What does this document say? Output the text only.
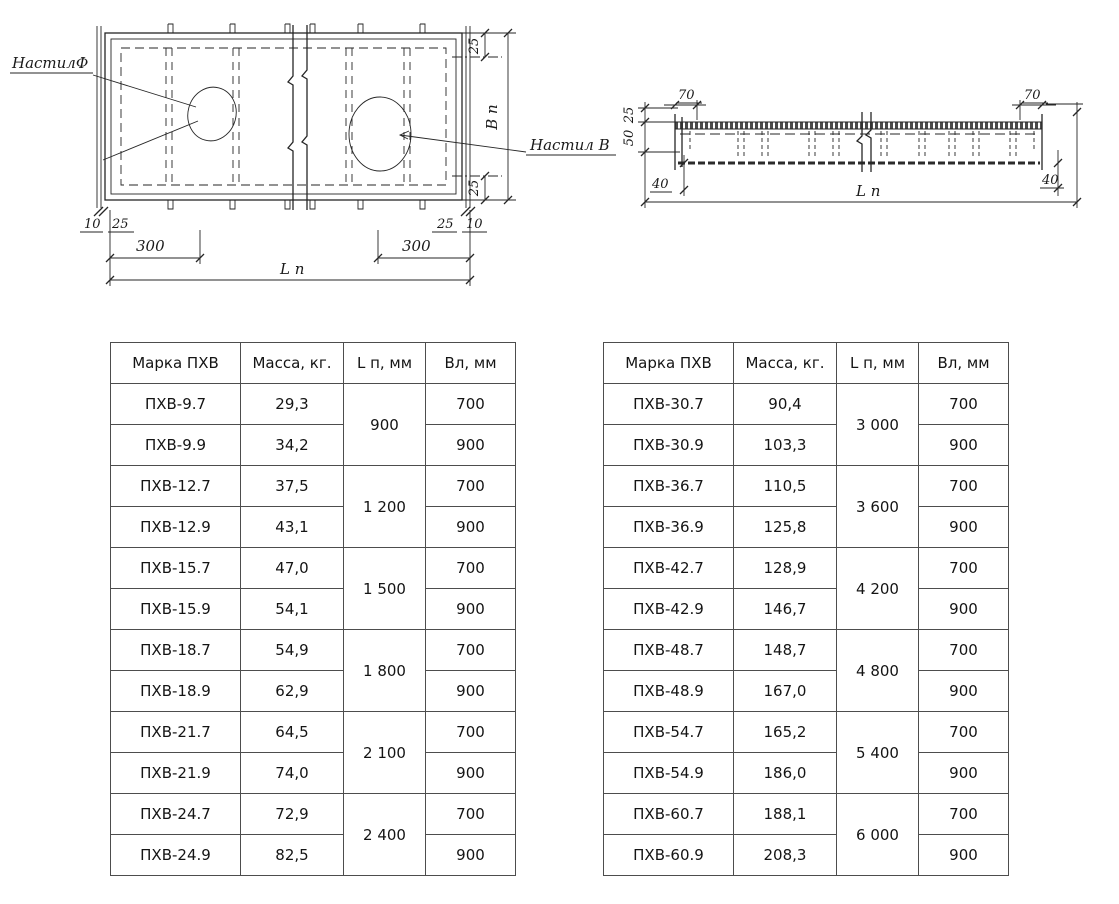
НастилФ
Настил В
В п
25
25
10 25	25 10
300	300
L п
25
50
70
40
70
40
L п
Марка ПХВ	Масса, кг.	L п, мм	Вл, мм
ПХВ-9.7	29,3	900	700
ПХВ-9.9	34,2		900
ПХВ-12.7	37,5	1 200	700
ПХВ-12.9	43,1		900
ПХВ-15.7	47,0	1 500	700
ПХВ-15.9	54,1		900
ПХВ-18.7	54,9	1 800	700
ПХВ-18.9	62,9		900
ПХВ-21.7	64,5	2 100	700
ПХВ-21.9	74,0		900
ПХВ-24.7	72,9	2 400	700
ПХВ-24.9	82,5		900
Марка ПХВ	Масса, кг.	L п, мм	Вл, мм
ПХВ-30.7	90,4	3 000	700
ПХВ-30.9	103,3		900
ПХВ-36.7	110,5	3 600	700
ПХВ-36.9	125,8		900
ПХВ-42.7	128,9	4 200	700
ПХВ-42.9	146,7		900
ПХВ-48.7	148,7	4 800	700
ПХВ-48.9	167,0		900
ПХВ-54.7	165,2	5 400	700
ПХВ-54.9	186,0		900
ПХВ-60.7	188,1	6 000	700
ПХВ-60.9	208,3		900
